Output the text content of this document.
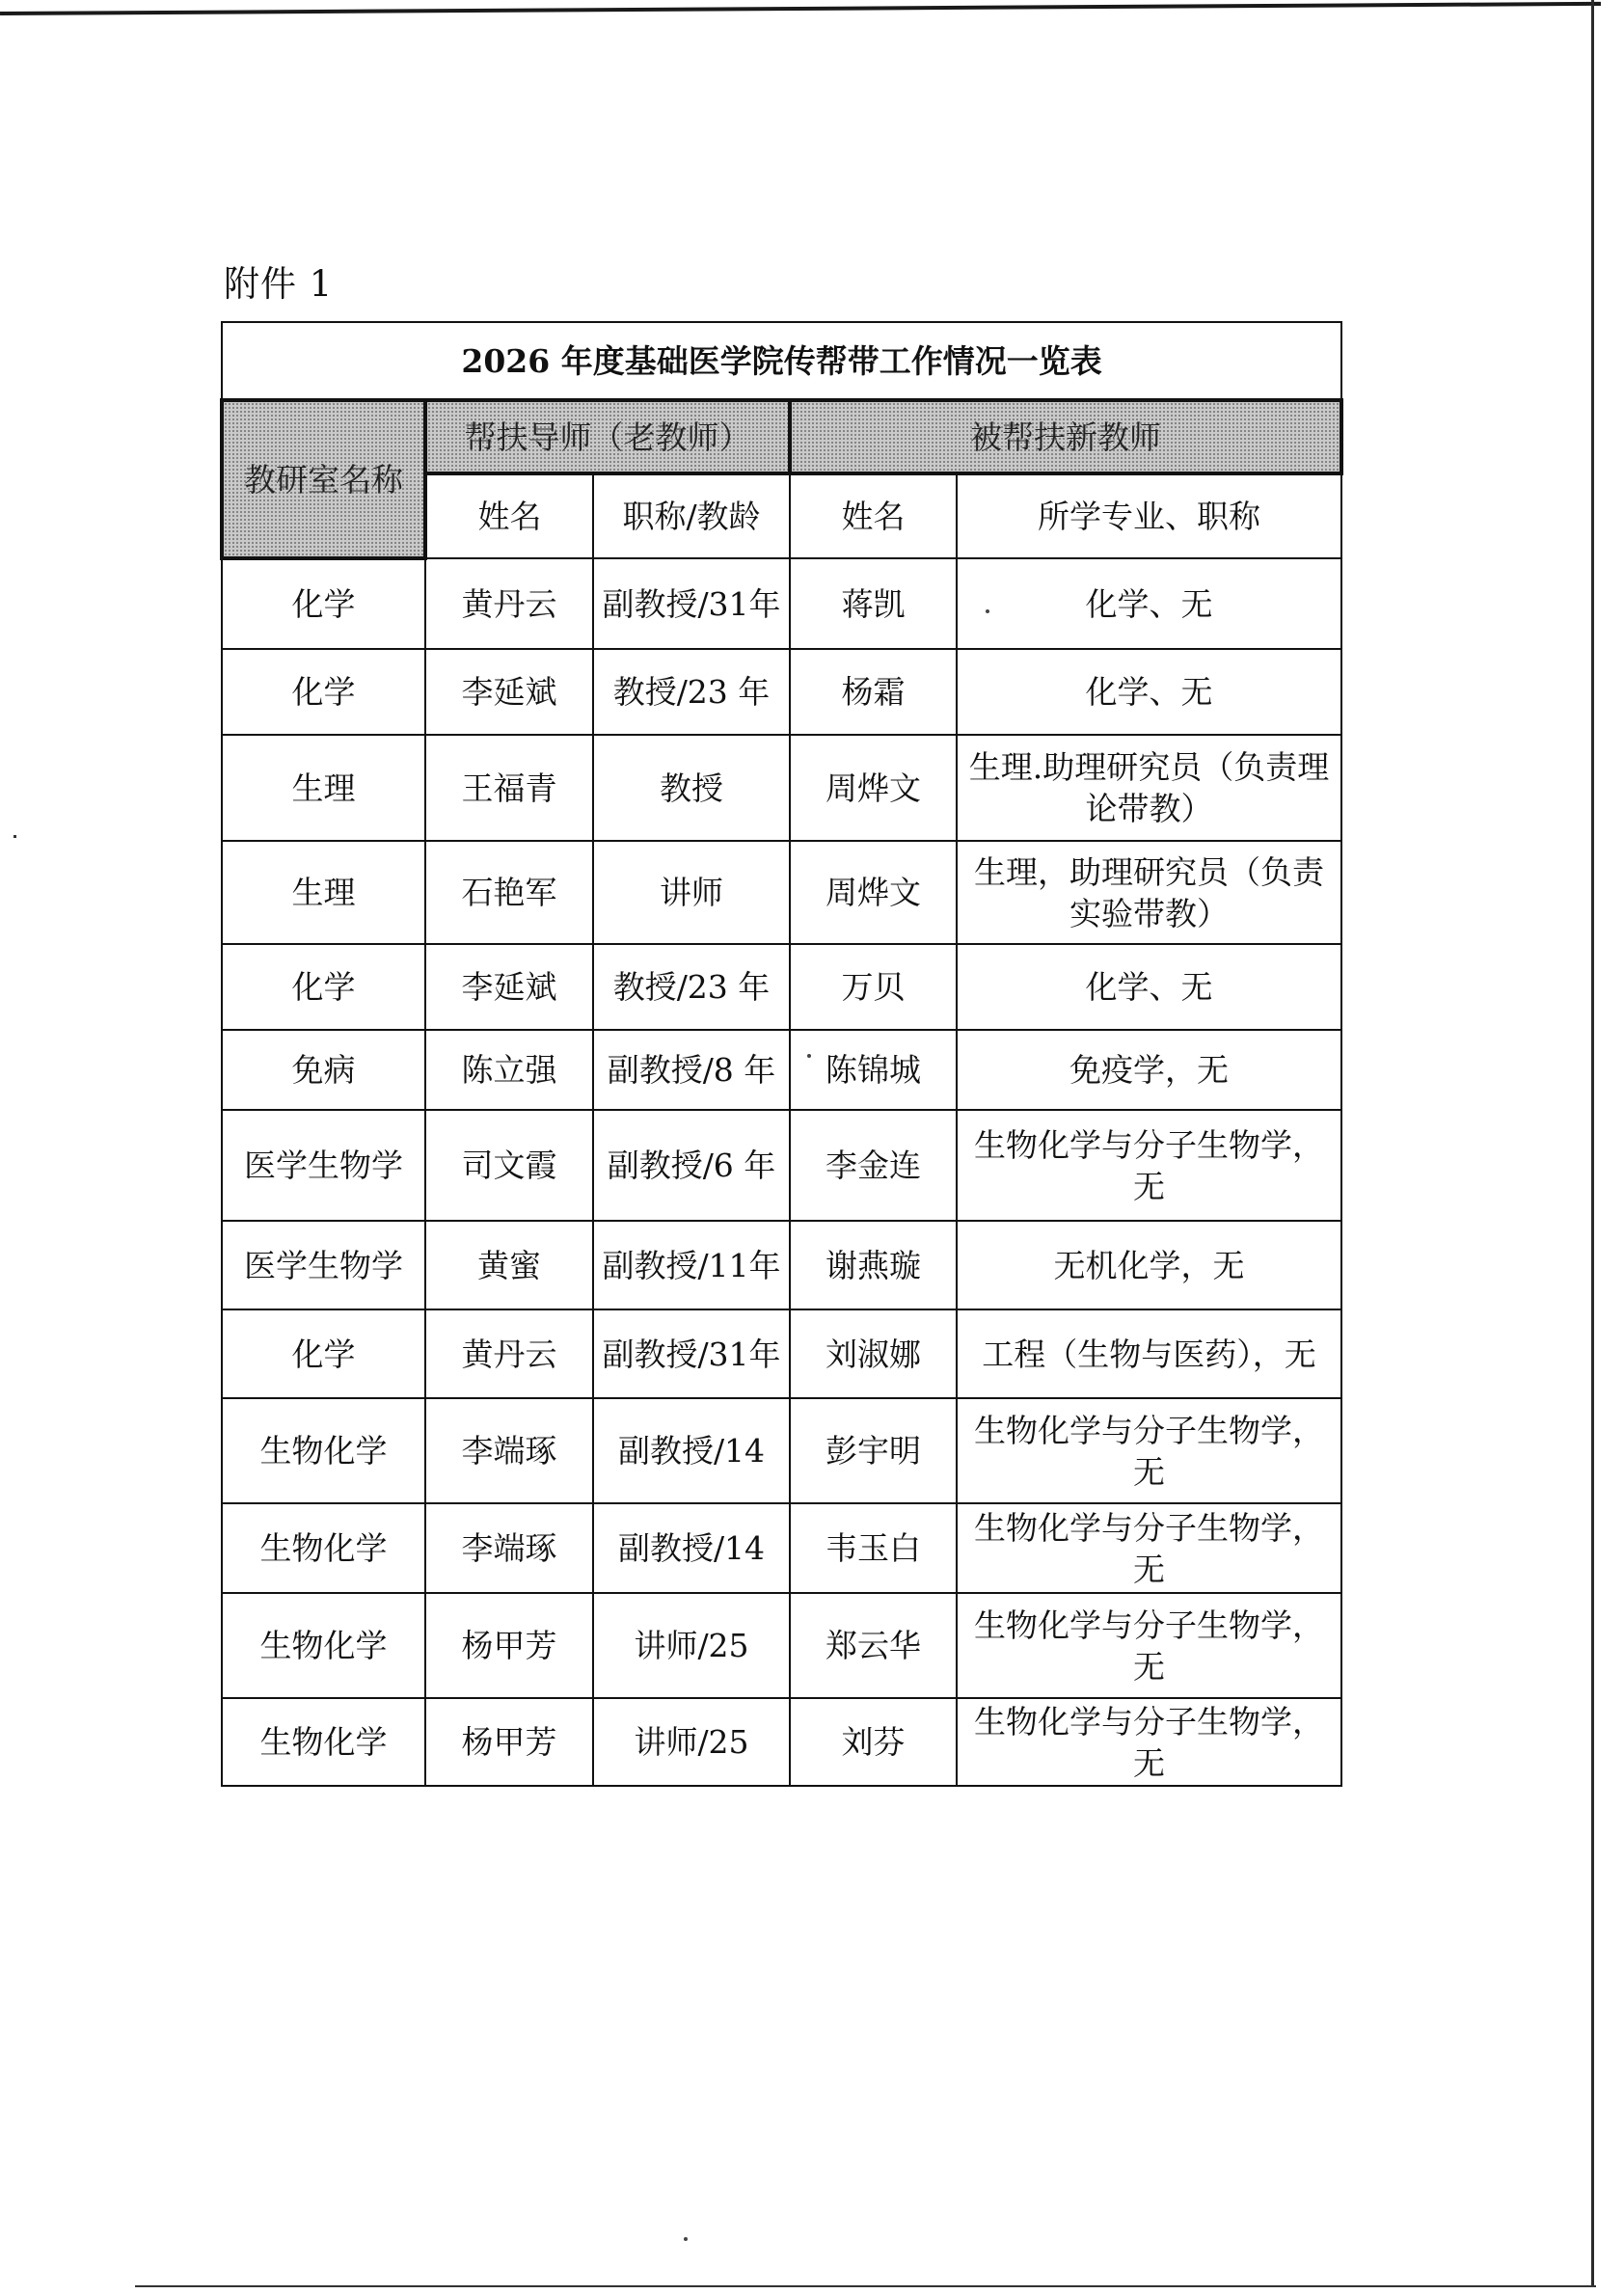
附件 1
2026 年度基础医学院传帮带工作情况一览表				
教研室名称	帮扶导师（老教师）		被帮扶新教师	
	姓名	职称/教龄	姓名	所学专业、职称
化学	黄丹云	副教授/31年	蒋凯	化学、无
化学	李延斌	教授/23 年	杨霜	化学、无
生理	王福青	教授	周烨文	生理.助理研究员（负责理论带教）
生理	石艳军	讲师	周烨文	生理，助理研究员（负责实验带教）
化学	李延斌	教授/23 年	万贝	化学、无
免病	陈立强	副教授/8 年	陈锦城	免疫学，无
医学生物学	司文霞	副教授/6 年	李金连	生物化学与分子生物学，无
医学生物学	黄蜜	副教授/11年	谢燕璇	无机化学，无
化学	黄丹云	副教授/31年	刘淑娜	工程（生物与医药），无
生物化学	李端琢	副教授/14	彭宇明	生物化学与分子生物学，无
生物化学	李端琢	副教授/14	韦玉白	生物化学与分子生物学，无
生物化学	杨甲芳	讲师/25	郑云华	生物化学与分子生物学，无
生物化学	杨甲芳	讲师/25	刘芬	生物化学与分子生物学，无
